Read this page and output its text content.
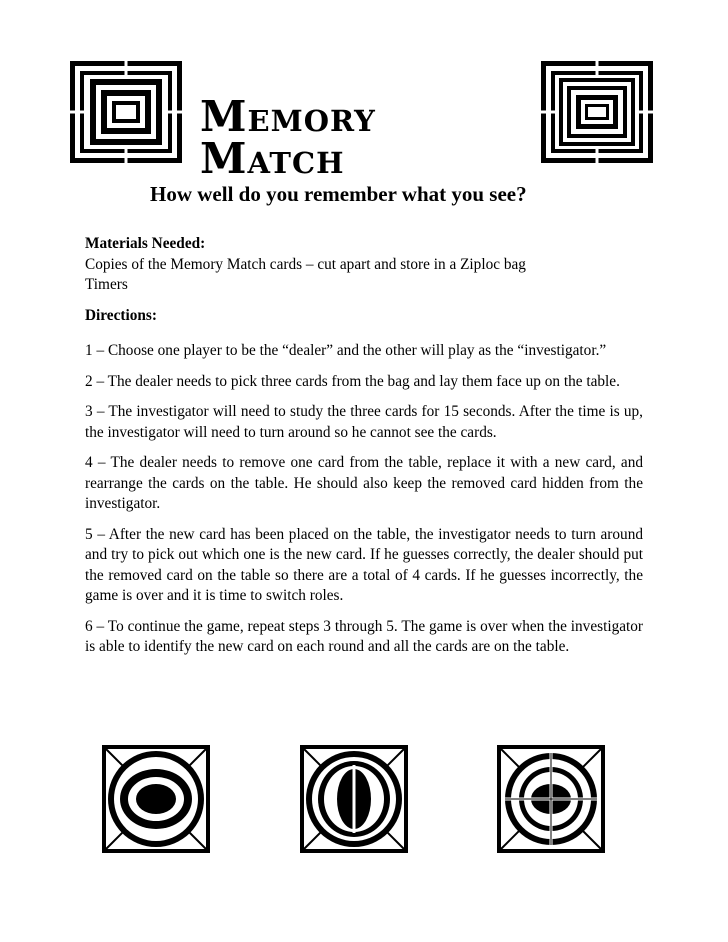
Memory Match
How well do you remember what you see?

Materials Needed:
Copies of the Memory Match cards – cut apart and store in a Ziploc bag
Timers

Directions:

1 – Choose one player to be the “dealer” and the other will play as the “investigator.”

2 – The dealer needs to pick three cards from the bag and lay them face up on the table.

3 – The investigator will need to study the three cards for 15 seconds. After the time is up, the investigator will need to turn around so he cannot see the cards.

4 – The dealer needs to remove one card from the table, replace it with a new card, and rearrange the cards on the table. He should also keep the removed card hidden from the investigator.

5 – After the new card has been placed on the table, the investigator needs to turn around and try to pick out which one is the new card. If he guesses correctly, the dealer should put the removed card on the table so there are a total of 4 cards. If he guesses incorrectly, the game is over and it is time to switch roles.

6 – To continue the game, repeat steps 3 through 5. The game is over when the investigator is able to identify the new card on each round and all the cards are on the table.
